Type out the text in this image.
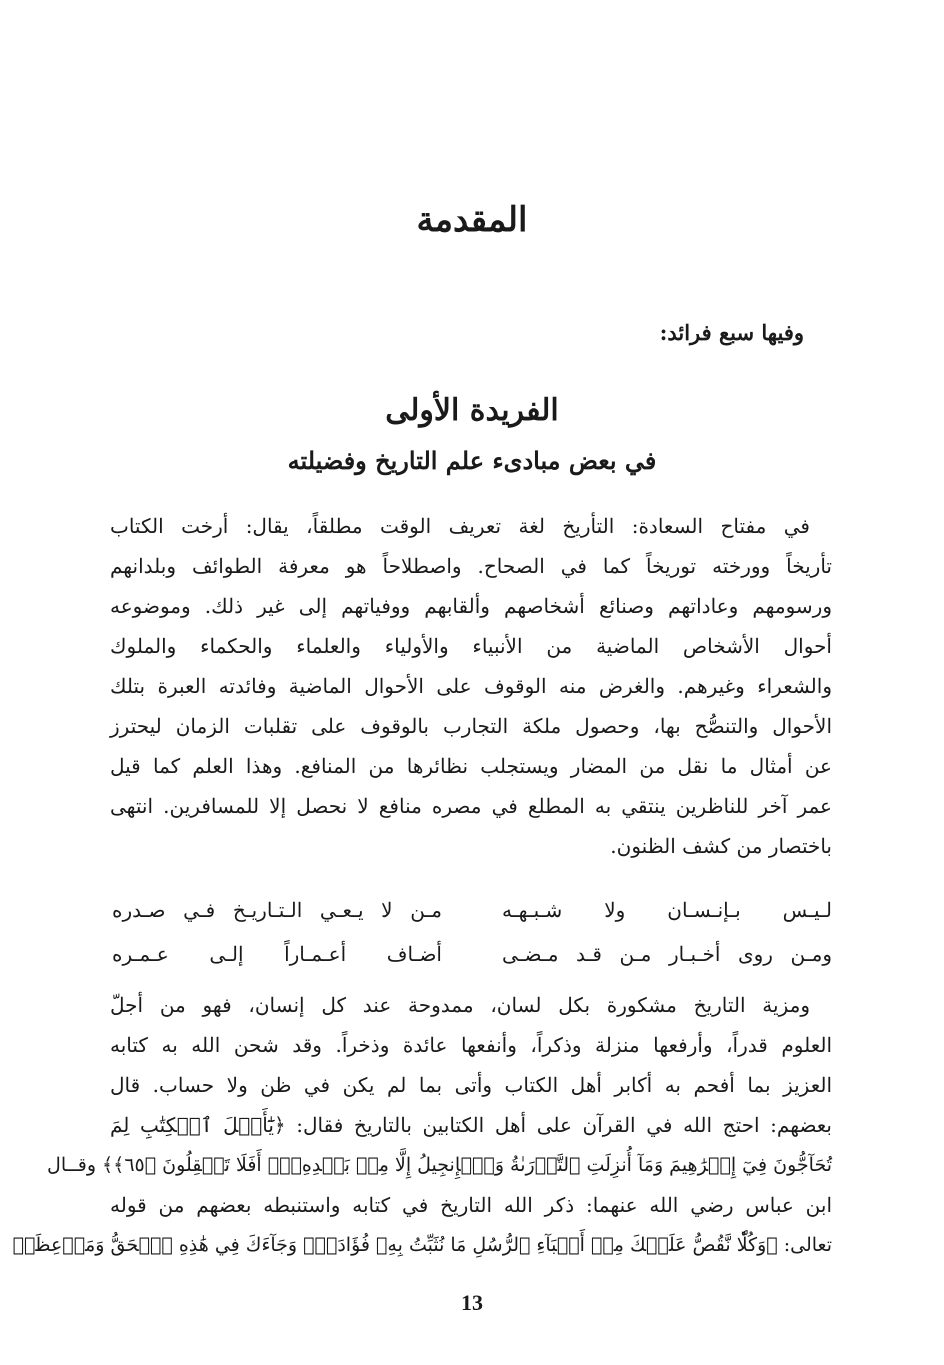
المقدمة
وفيها سبع فرائد:
الفريدة الأولى
في بعض مبادىء علم التاريخ وفضيلته
في مفتاح السعادة: التأريخ لغة تعريف الوقت مطلقاً، يقال: أرخت الكتاب
تأريخاً وورخته توريخاً كما في الصحاح. واصطلاحاً هو معرفة الطوائف وبلدانهم
ورسومهم وعاداتهم وصنائع أشخاصهم وألقابهم ووفياتهم إلى غير ذلك. وموضوعه
أحوال الأشخاص الماضية من الأنبياء والأولياء والعلماء والحكماء والملوك
والشعراء وغيرهم. والغرض منه الوقوف على الأحوال الماضية وفائدته العبرة بتلك
الأحوال والتنصُّح بها، وحصول ملكة التجارب بالوقوف على تقلبات الزمان ليحترز
عن أمثال ما نقل من المضار ويستجلب نظائرها من المنافع. وهذا العلم كما قيل
عمر آخر للناظرين ينتقي به المطلع في مصره منافع لا نحصل إلا للمسافرين. انتهى
باختصار من كشف الظنون.
لـيـس بـإنـسـان ولا شـبـهـه
مـن لا يـعـي الـتـاريـخ فـي صـدره
ومـن روى أخـبـار مـن قـد مـضـى
أضـاف أعـمـاراً إلـى عـمـره
ومزية التاريخ مشكورة بكل لسان، ممدوحة عند كل إنسان، فهو من أجلّ
العلوم قدراً، وأرفعها منزلة وذكراً، وأنفعها عائدة وذخراً. وقد شحن الله به كتابه
العزيز بما أفحم به أكابر أهل الكتاب وأتى بما لم يكن في ظن ولا حساب. قال
بعضهم: احتج الله في القرآن على أهل الكتابين بالتاريخ فقال: ﴿يَٰٓأَهۡلَ ٱلۡكِتَٰبِ لِمَ
تُحَآجُّونَ فِيٓ إِبۡرَٰهِيمَ وَمَآ أُنزِلَتِ ٱلتَّوۡرَىٰةُ وَٱلۡإِنجِيلُ إِلَّا مِنۢ بَعۡدِهِۦٓۚ أَفَلَا تَعۡقِلُونَ ﴿٦٥﴾﴾ وقــال
ابن عباس رضي الله عنهما: ذكر الله التاريخ في كتابه واستنبطه بعضهم من قوله
تعالى: ﴿وَكُلّٗا نَّقُصُّ عَلَيۡكَ مِنۡ أَنۢبَآءِ ٱلرُّسُلِ مَا نُثَبِّتُ بِهِۦ فُؤَادَكَۚ وَجَآءَكَ فِي هَٰذِهِ ٱلۡحَقُّ وَمَوۡعِظَةٞ
13
